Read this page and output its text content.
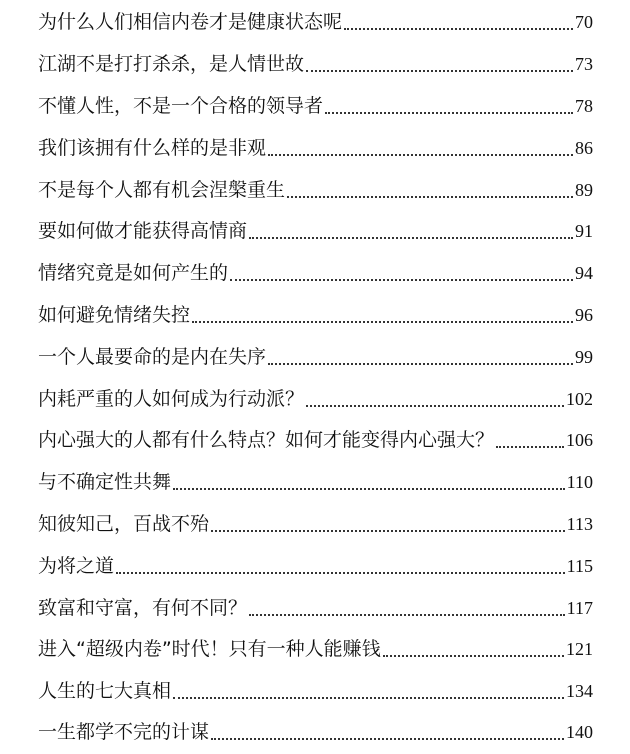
为什么人们相信内卷才是健康状态呢	70
江湖不是打打杀杀，是人情世故	73
不懂人性，不是一个合格的领导者	78
我们该拥有什么样的是非观	86
不是每个人都有机会涅槃重生	89
要如何做才能获得高情商	91
情绪究竟是如何产生的	94
如何避免情绪失控	96
一个人最要命的是内在失序	99
内耗严重的人如何成为行动派？	102
内心强大的人都有什么特点？如何才能变得内心强大？	106
与不确定性共舞	110
知彼知己，百战不殆	113
为将之道	115
致富和守富，有何不同？	117
进入“超级内卷”时代！只有一种人能赚钱	121
人生的七大真相	134
一生都学不完的计谋	140
